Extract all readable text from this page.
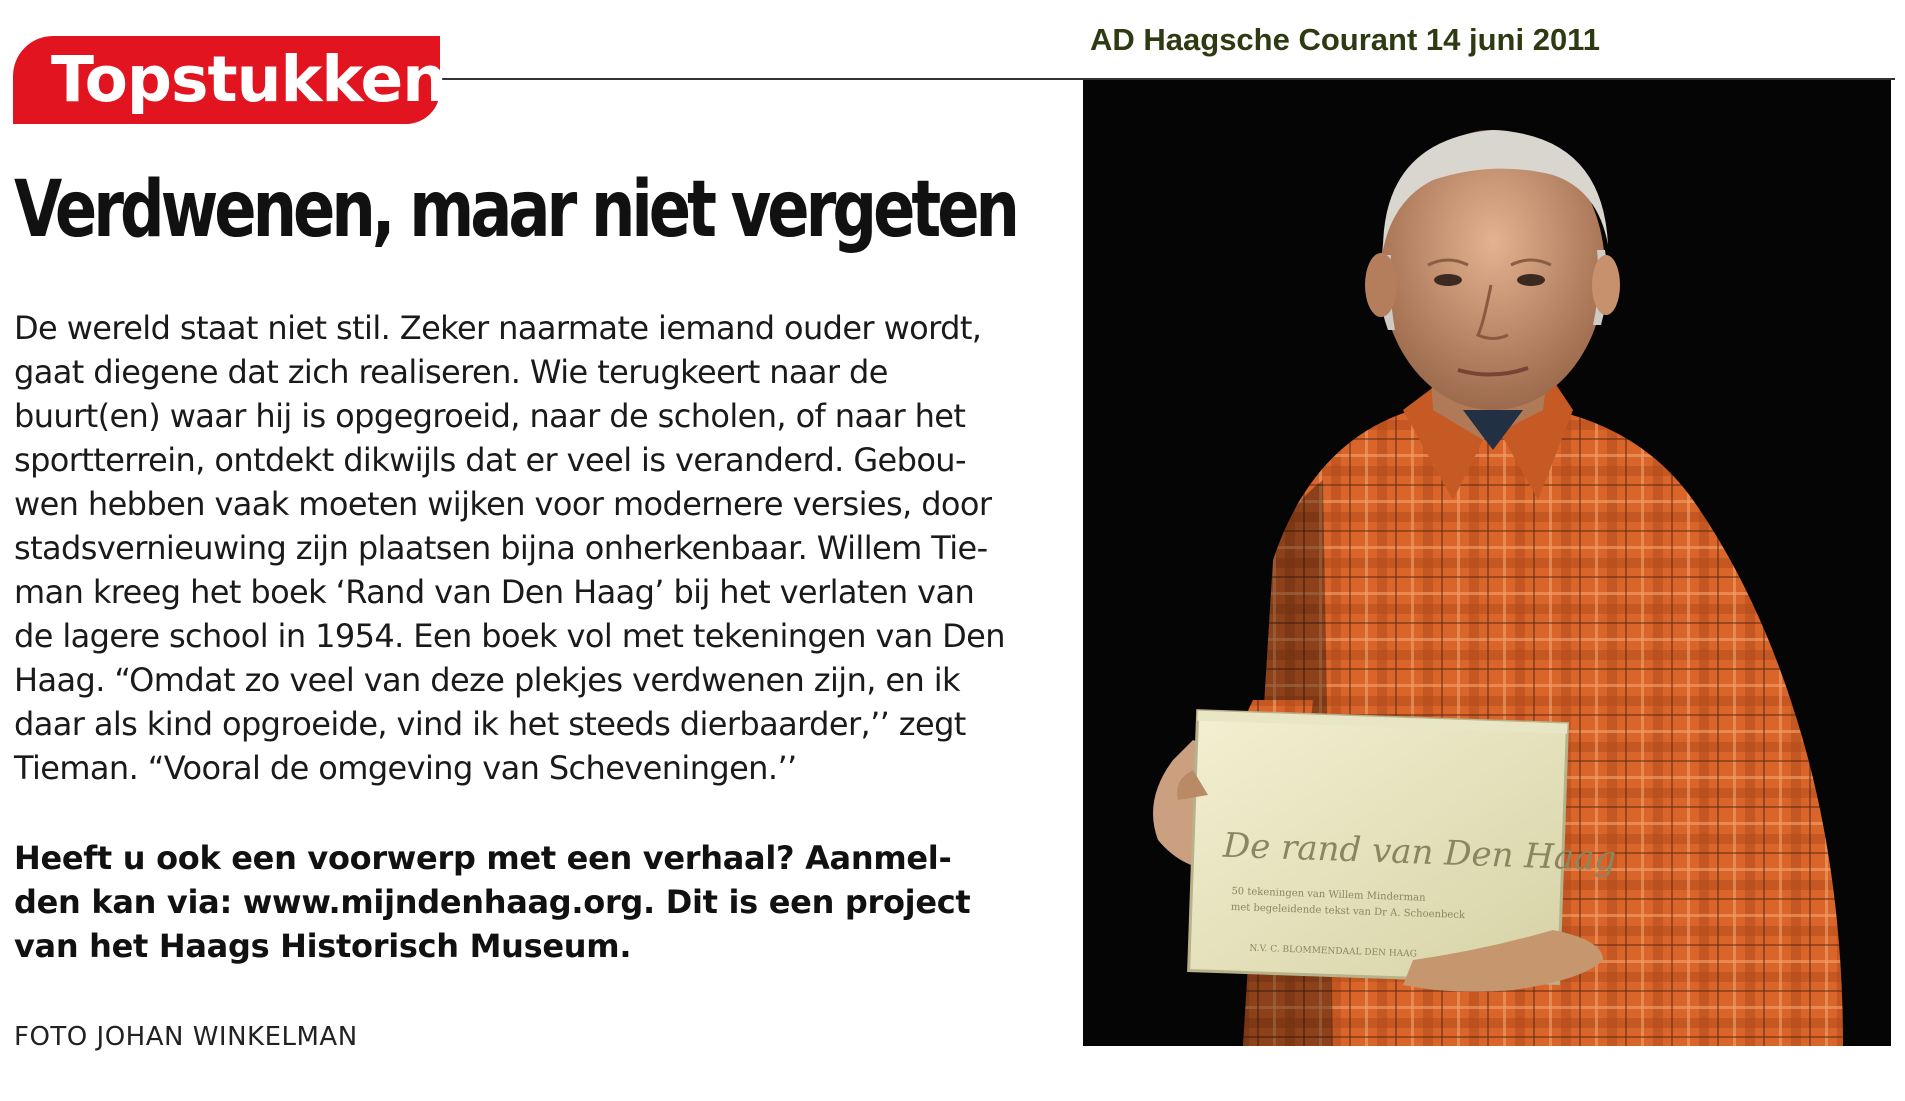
AD Haagsche Courant 14 juni 2011
Topstukken
Verdwenen, maar niet vergeten
De wereld staat niet stil. Zeker naarmate iemand ouder wordt,
gaat diegene dat zich realiseren. Wie terugkeert naar de
buurt(en) waar hij is opgegroeid, naar de scholen, of naar het
sportterrein, ontdekt dikwijls dat er veel is veranderd. Gebou-
wen hebben vaak moeten wijken voor modernere versies, door
stadsvernieuwing zijn plaatsen bijna onherkenbaar. Willem Tie-
man kreeg het boek ‘Rand van Den Haag’ bij het verlaten van
de lagere school in 1954. Een boek vol met tekeningen van Den
Haag. “Omdat zo veel van deze plekjes verdwenen zijn, en ik
daar als kind opgroeide, vind ik het steeds dierbaarder,’’ zegt
Tieman. “Vooral de omgeving van Scheveningen.’’
Heeft u ook een voorwerp met een verhaal? Aanmel-
den kan via: www.mijndenhaag.org. Dit is een project
van het Haags Historisch Museum.
FOTO JOHAN WINKELMAN
De rand van Den Haag
50 tekeningen van Willem Minderman
met begeleidende tekst van Dr A. Schoenbeck
N.V. C. BLOMMENDAAL DEN HAAG
